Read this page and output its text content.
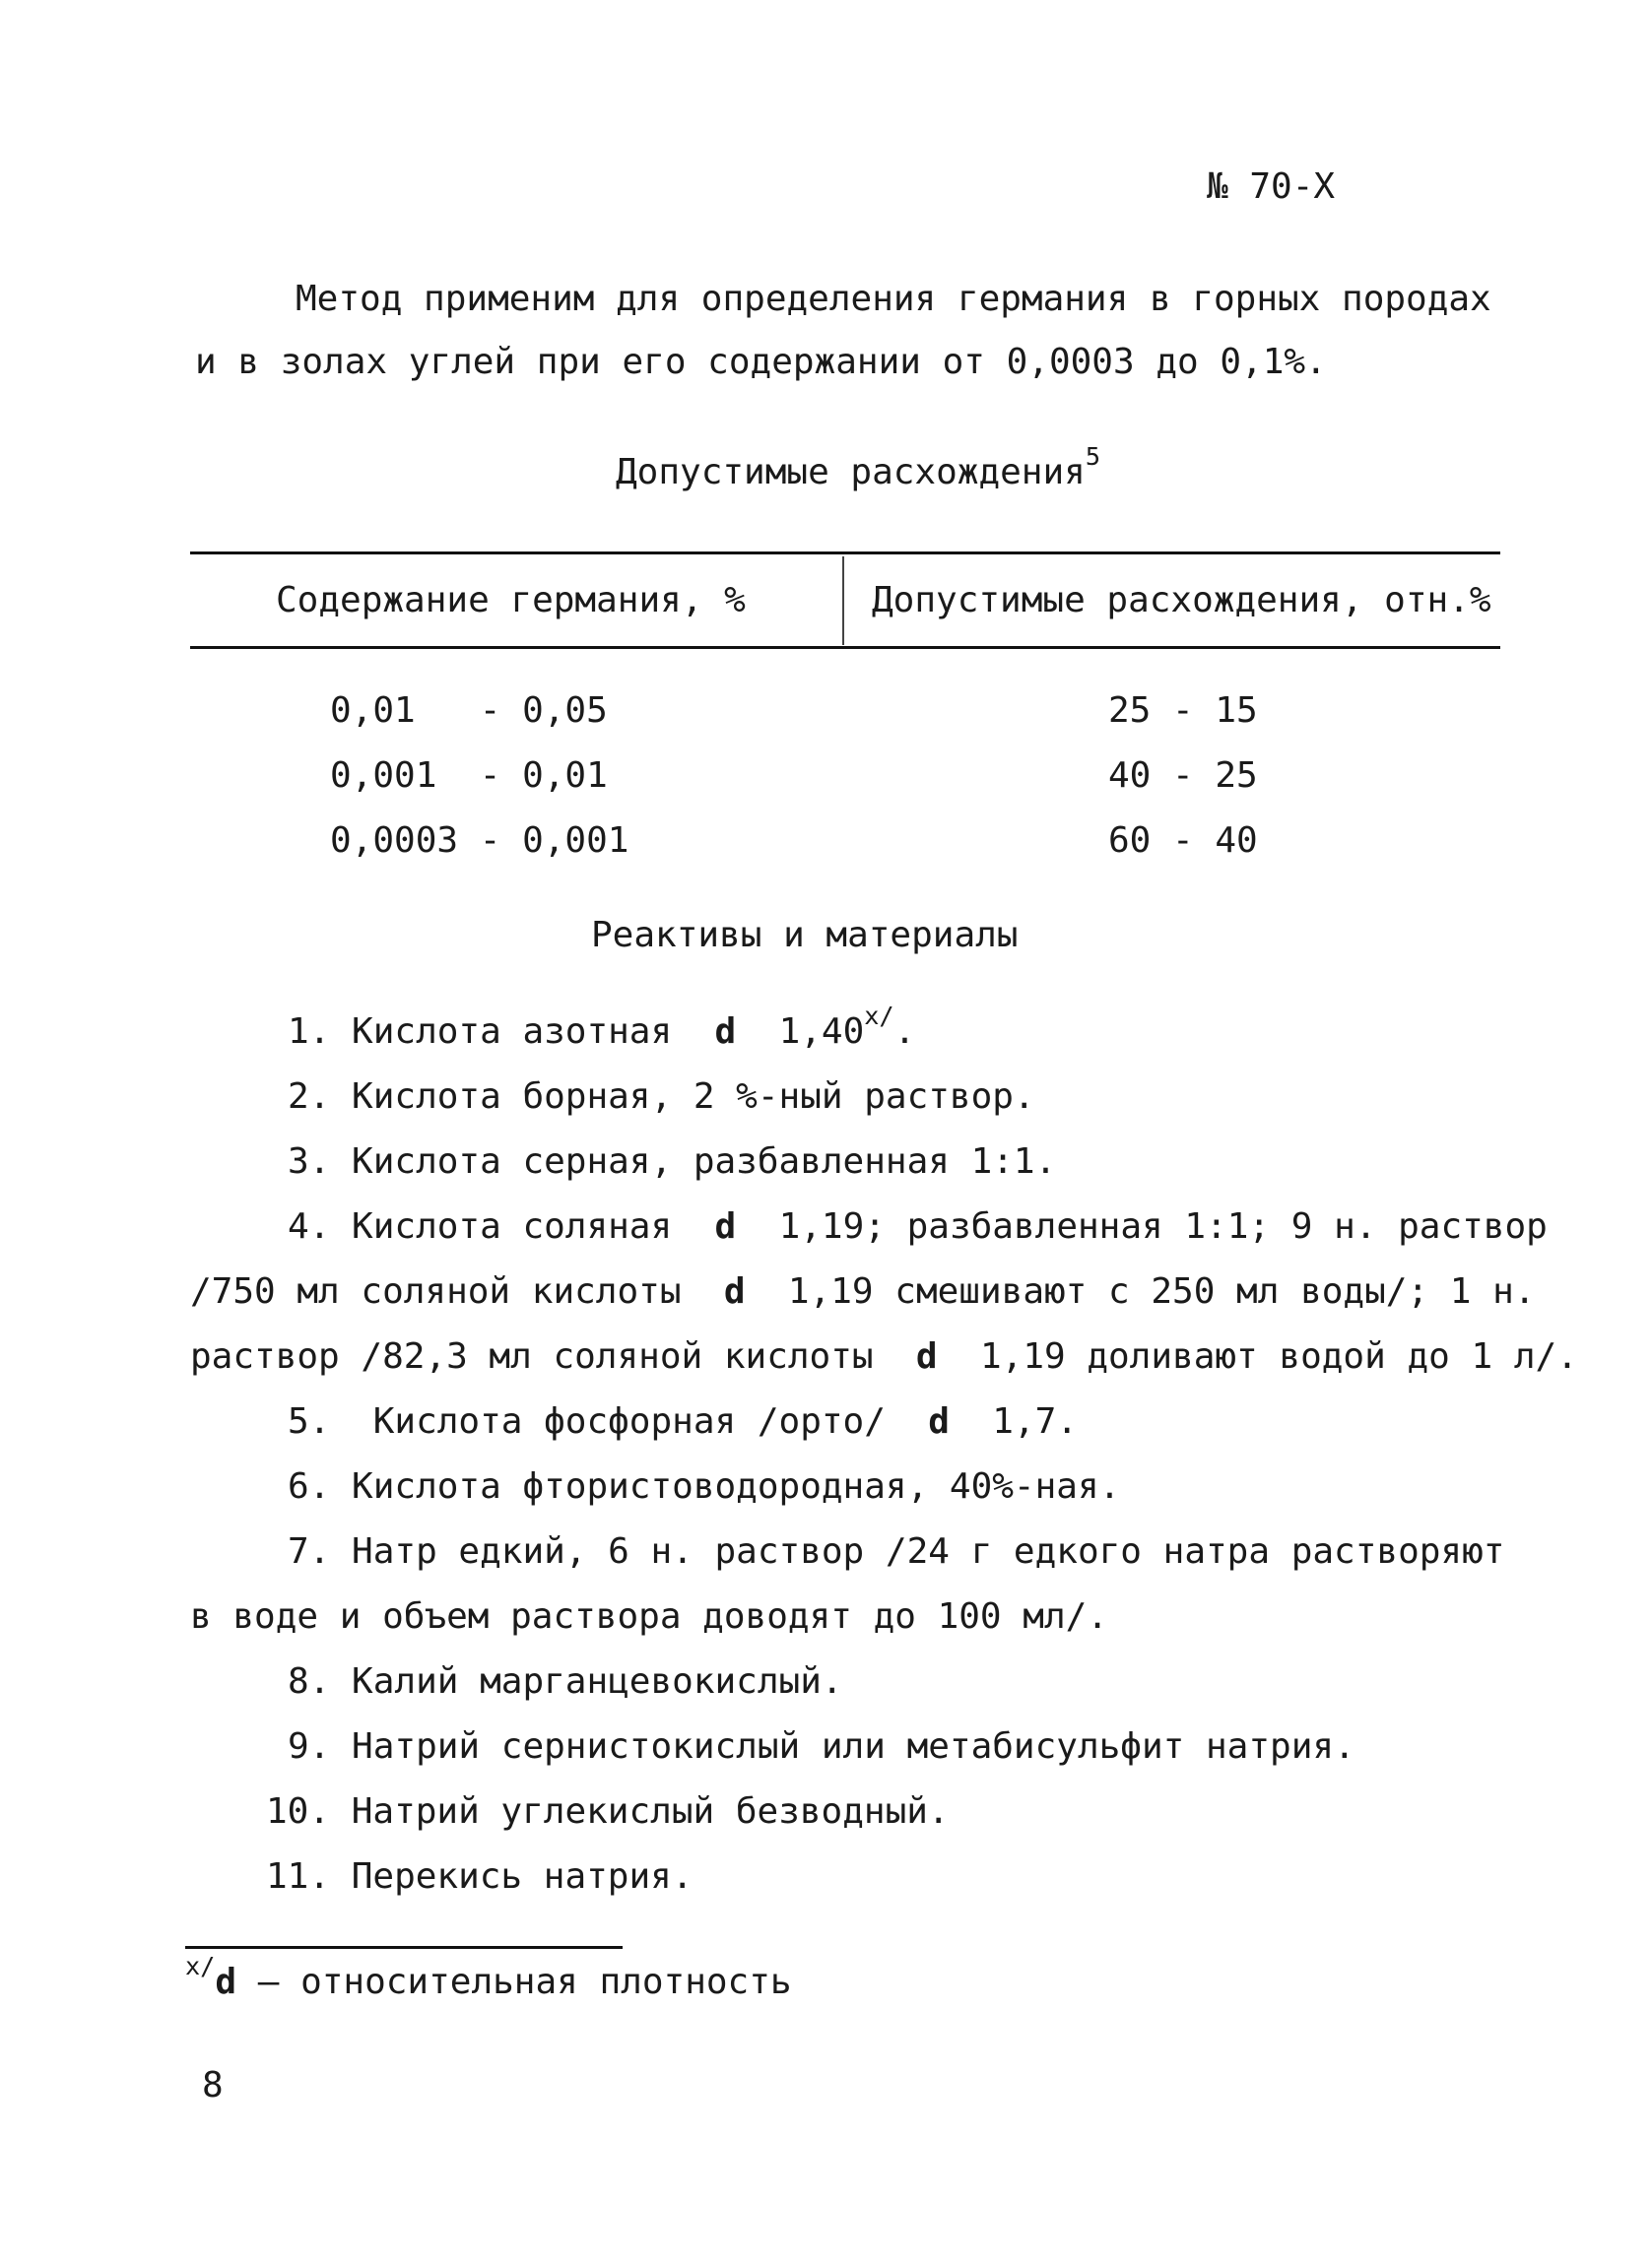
№ 70-Х
Метод применим для определения германия в горных породах
и в золах углей при его содержании от 0,0003 до 0,1%.
Допустимые расхождения$^5$
Содержание германия, %	Допустимые расхождения, отн.%
0,01   - 0,05	25 - 15
0,001  - 0,01	40 - 25
0,0003 - 0,001	60 - 40
Реактивы и материалы
1. Кислота азотная d $1,40^{x/}$.
2. Кислота борная, 2 %-ный раствор.
3. Кислота серная, разбавленная 1:1.
4. Кислота соляная d 1,19; разбавленная 1:1; 9 н. раствор
/750 мл соляной кислоты d 1,19 смешивают с 250 мл воды/; 1 н.
раствор /82,3 мл соляной кислоты d 1,19 доливают водой до 1 л/.
5. Кислота фосфорная /орто/ d 1,7.
6. Кислота фтористоводородная, 40%-ная.
7. Натр едкий, 6 н. раствор /24 г едкого натра растворяют
в воде и объем раствора доводят до 100 мл/.
8. Калий марганцевокислый.
9. Натрий сернистокислый или метабисульфит натрия.
10. Натрий углекислый безводный.
11. Перекись натрия.
$^{x/}$d – относительная плотность
8
